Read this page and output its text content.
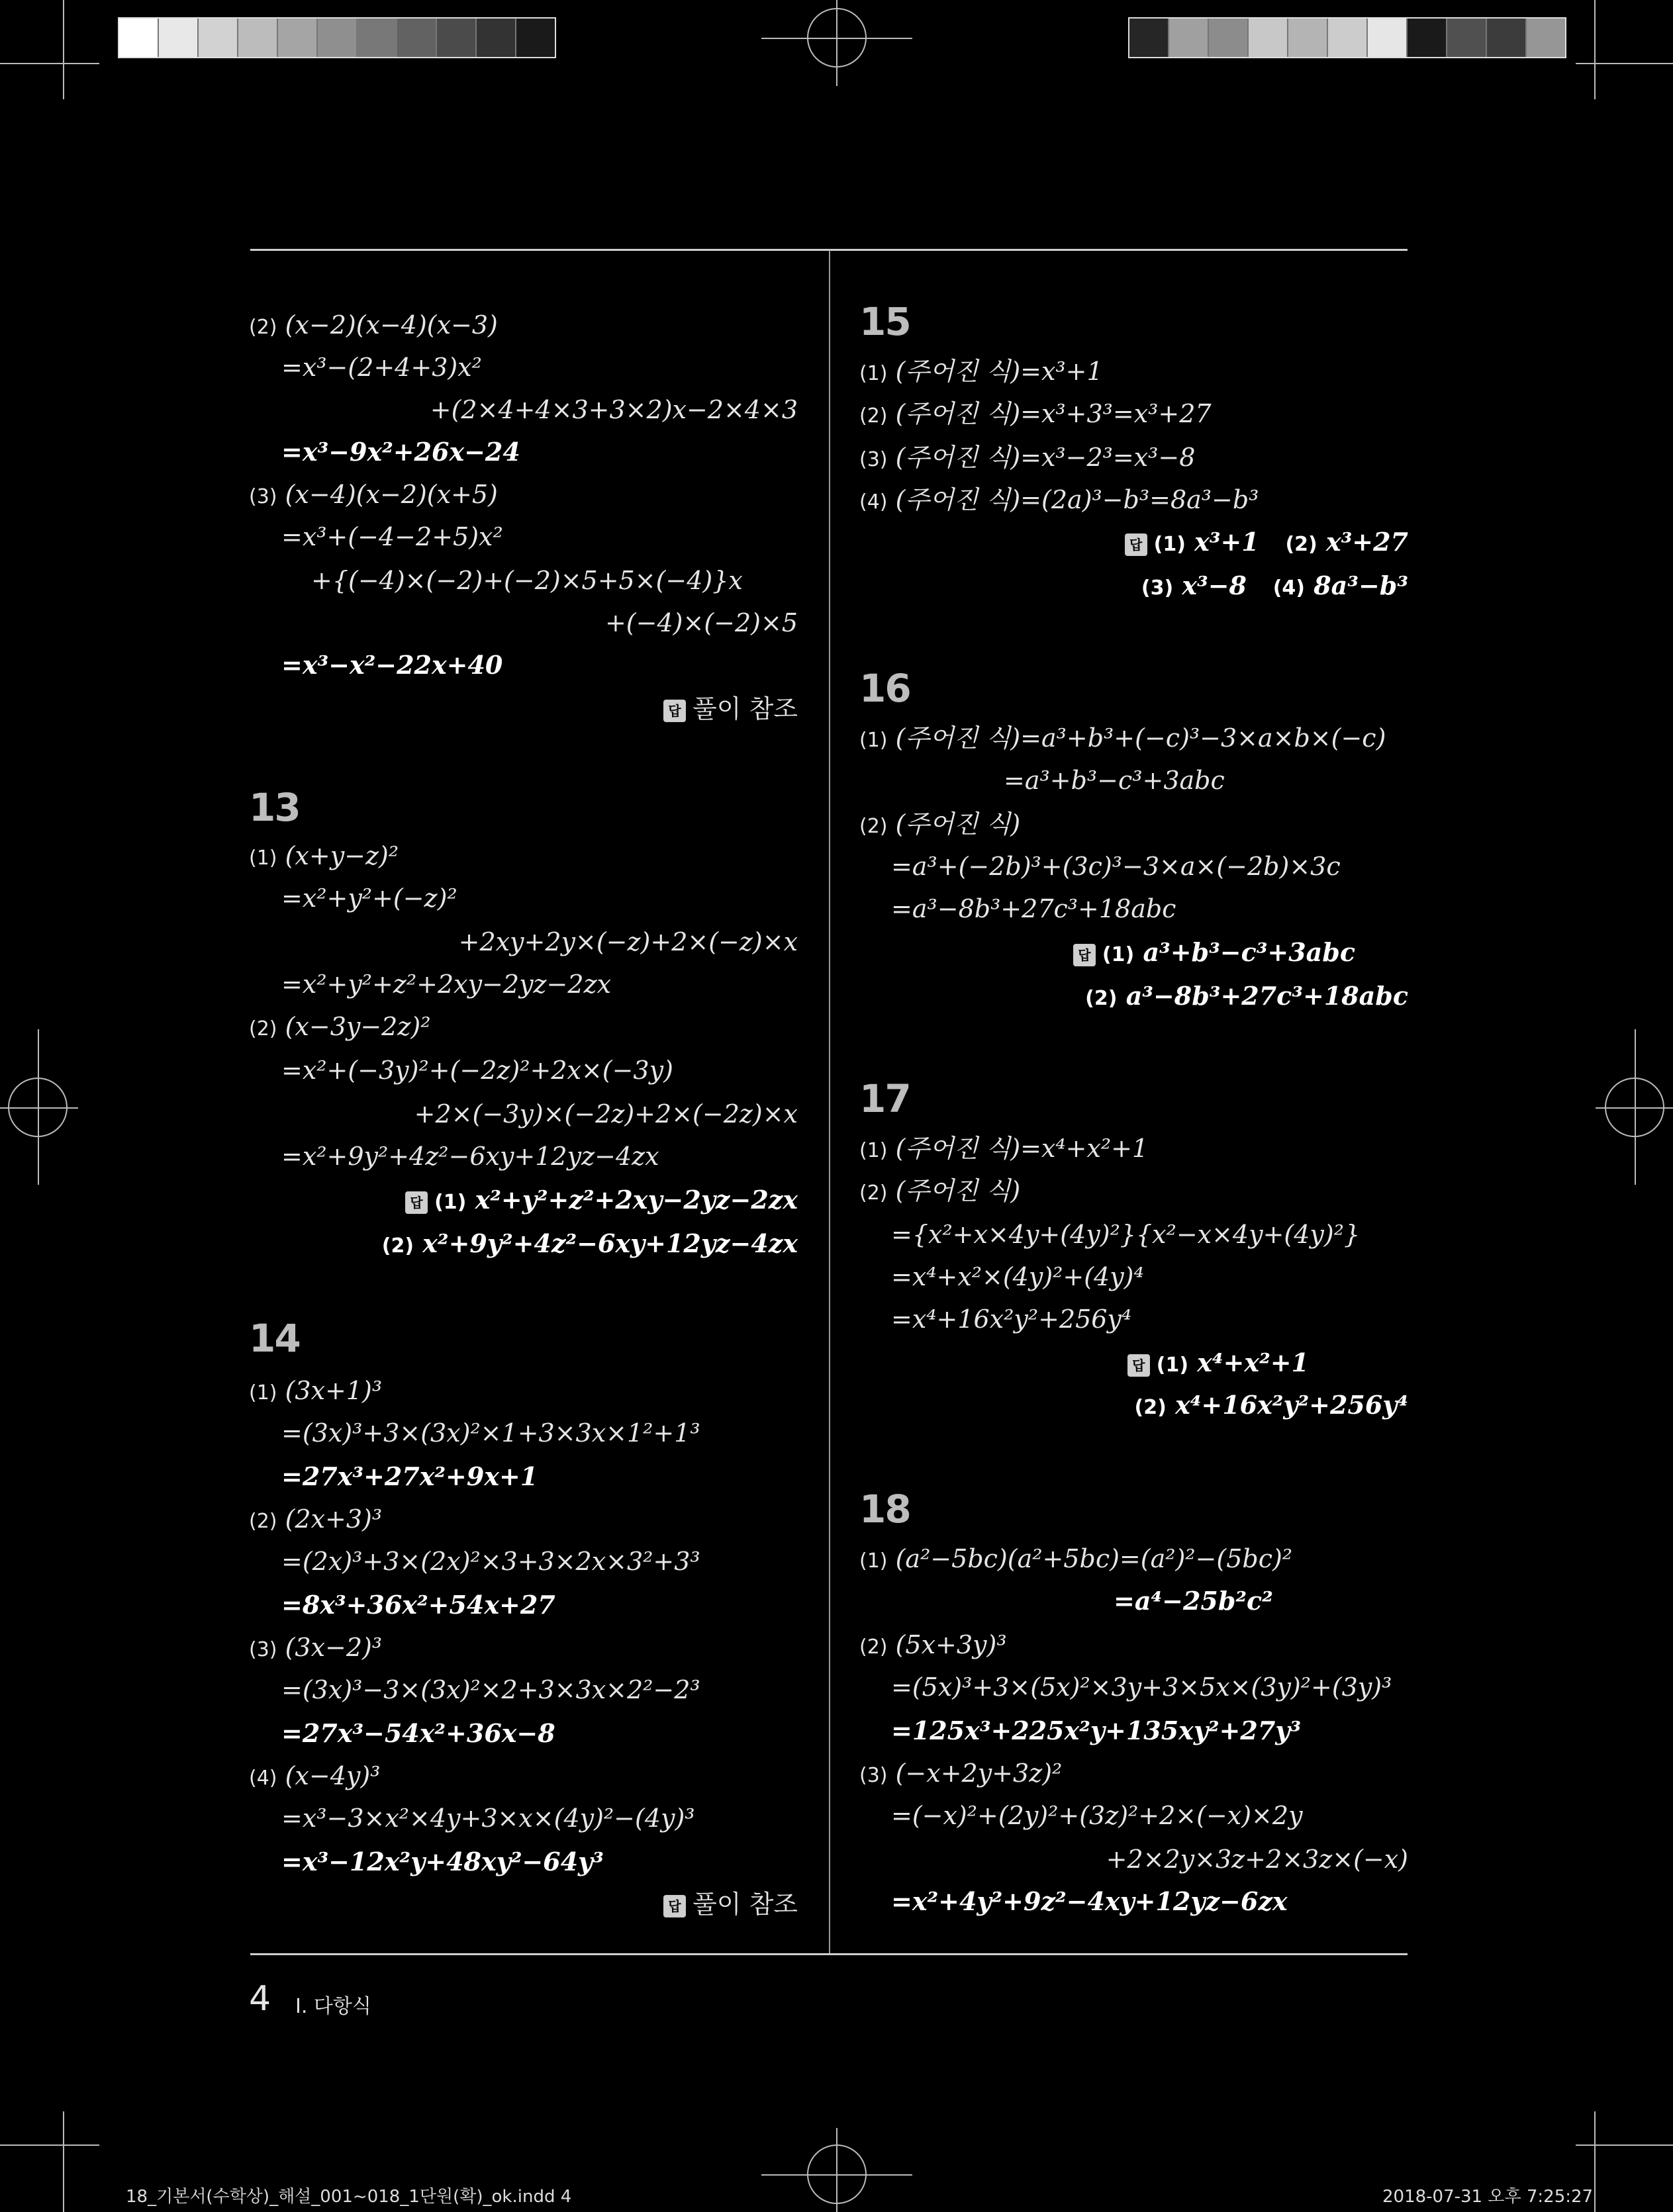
(2) (x−2)(x−4)(x−3)
=x³−(2+4+3)x²
+(2×4+4×3+3×2)x−2×4×3
=x³−9x²+26x−24
(3) (x−4)(x−2)(x+5)
=x³+(−4−2+5)x²
+{(−4)×(−2)+(−2)×5+5×(−4)}x
+(−4)×(−2)×5
=x³−x²−22x+40
답 풀이 참조
13
(1) (x+y−z)²
=x²+y²+(−z)²
+2xy+2y×(−z)+2×(−z)×x
=x²+y²+z²+2xy−2yz−2zx
(2) (x−3y−2z)²
=x²+(−3y)²+(−2z)²+2x×(−3y)
+2×(−3y)×(−2z)+2×(−2z)×x
=x²+9y²+4z²−6xy+12yz−4zx
답 (1) x²+y²+z²+2xy−2yz−2zx
(2) x²+9y²+4z²−6xy+12yz−4zx
14
(1) (3x+1)³
=(3x)³+3×(3x)²×1+3×3x×1²+1³
=27x³+27x²+9x+1
(2) (2x+3)³
=(2x)³+3×(2x)²×3+3×2x×3²+3³
=8x³+36x²+54x+27
(3) (3x−2)³
=(3x)³−3×(3x)²×2+3×3x×2²−2³
=27x³−54x²+36x−8
(4) (x−4y)³
=x³−3×x²×4y+3×x×(4y)²−(4y)³
=x³−12x²y+48xy²−64y³
답 풀이 참조
15
(1) (주어진 식)=x³+1
(2) (주어진 식)=x³+3³=x³+27
(3) (주어진 식)=x³−2³=x³−8
(4) (주어진 식)=(2a)³−b³=8a³−b³
답 (1) x³+1 (2) x³+27
(3) x³−8 (4) 8a³−b³
16
(1) (주어진 식)=a³+b³+(−c)³−3×a×b×(−c)
=a³+b³−c³+3abc
(2) (주어진 식)
=a³+(−2b)³+(3c)³−3×a×(−2b)×3c
=a³−8b³+27c³+18abc
답 (1) a³+b³−c³+3abc
(2) a³−8b³+27c³+18abc
17
(1) (주어진 식)=x⁴+x²+1
(2) (주어진 식)
={x²+x×4y+(4y)²}{x²−x×4y+(4y)²}
=x⁴+x²×(4y)²+(4y)⁴
=x⁴+16x²y²+256y⁴
답 (1) x⁴+x²+1
(2) x⁴+16x²y²+256y⁴
18
(1) (a²−5bc)(a²+5bc)=(a²)²−(5bc)²
=a⁴−25b²c²
(2) (5x+3y)³
=(5x)³+3×(5x)²×3y+3×5x×(3y)²+(3y)³
=125x³+225x²y+135xy²+27y³
(3) (−x+2y+3z)²
=(−x)²+(2y)²+(3z)²+2×(−x)×2y
+2×2y×3z+2×3z×(−x)
=x²+4y²+9z²−4xy+12yz−6zx
4 Ⅰ. 다항식
18_기본서(수학상)_해설_001~018_1단원(확)_ok.indd 4	2018-07-31 오후 7:25:27
